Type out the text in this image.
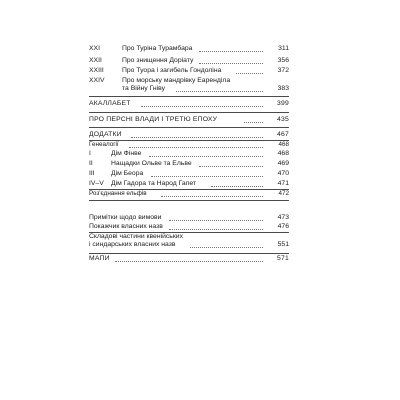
XXI	Про Туріна Турамбара	311
XXII	Про знищення Доріату	356
XXIII	Про Туора і загибель Гондоліна	372
XXIV	Про морську мандрівку Еаренділа
та Війну Гніву	383
АКАЛЛАБЕТ	399
ПРО ПЕРСНІ ВЛАДИ І ТРЕТЮ ЕПОХУ	435
ДОДАТКИ	467
Генеалогії	468
I	Дім Фінве	468
II	Нащадки Ольве та Ельве	469
III Дім Беора	470
IV–V Дім Гадора та Народ Гапет	471
Роз'єднання ельфів	472
Примітки щодо вимови	473
Покажчик власних назв	476
Складові частини квенійських
і синдарських власних назв	551
МАПИ	571
